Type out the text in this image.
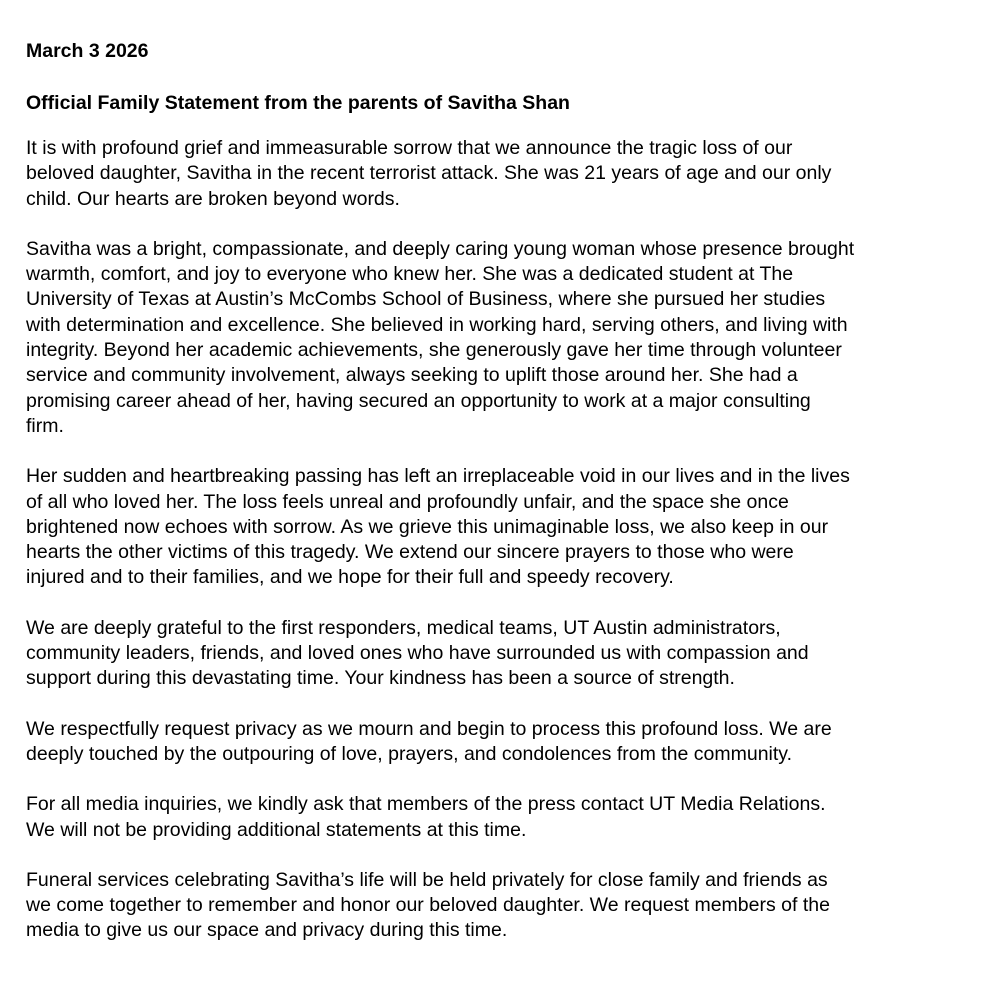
March 3 2026
Official Family Statement from the parents of Savitha Shan
It is with profound grief and immeasurable sorrow that we announce the tragic loss of our
beloved daughter, Savitha in the recent terrorist attack. She was 21 years of age and our only
child. Our hearts are broken beyond words.
Savitha was a bright, compassionate, and deeply caring young woman whose presence brought
warmth, comfort, and joy to everyone who knew her. She was a dedicated student at The
University of Texas at Austin’s McCombs School of Business, where she pursued her studies
with determination and excellence. She believed in working hard, serving others, and living with
integrity. Beyond her academic achievements, she generously gave her time through volunteer
service and community involvement, always seeking to uplift those around her. She had a
promising career ahead of her, having secured an opportunity to work at a major consulting
firm.
Her sudden and heartbreaking passing has left an irreplaceable void in our lives and in the lives
of all who loved her. The loss feels unreal and profoundly unfair, and the space she once
brightened now echoes with sorrow. As we grieve this unimaginable loss, we also keep in our
hearts the other victims of this tragedy. We extend our sincere prayers to those who were
injured and to their families, and we hope for their full and speedy recovery.
We are deeply grateful to the first responders, medical teams, UT Austin administrators,
community leaders, friends, and loved ones who have surrounded us with compassion and
support during this devastating time. Your kindness has been a source of strength.
We respectfully request privacy as we mourn and begin to process this profound loss. We are
deeply touched by the outpouring of love, prayers, and condolences from the community.
For all media inquiries, we kindly ask that members of the press contact UT Media Relations.
We will not be providing additional statements at this time.
Funeral services celebrating Savitha’s life will be held privately for close family and friends as
we come together to remember and honor our beloved daughter. We request members of the
media to give us our space and privacy during this time.
